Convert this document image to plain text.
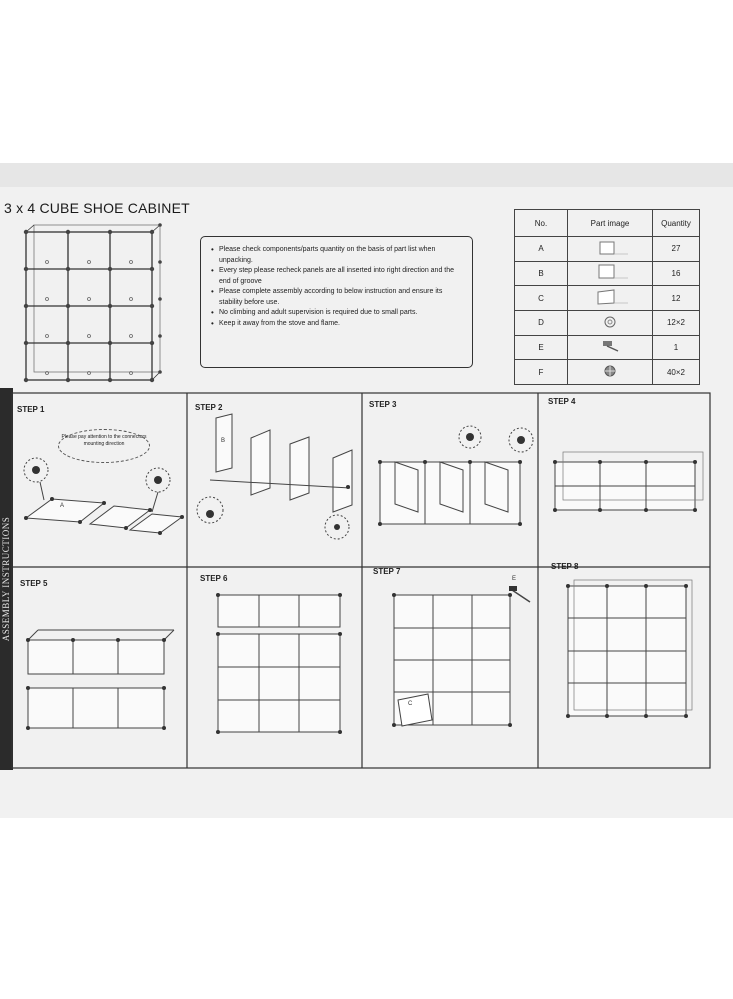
ASSEMBLY INSTRUCTIONS
3 x 4 CUBE SHOE CABINET
• Please check components/parts quantity on the basis of part list when unpacking.
• Every step please recheck panels are all inserted into right direction and the end of groove
• Please complete assembly according to below instruction and ensure its stability before use.
• No climbing and adult supervision is required due to small parts.
• Keep it away from the stove and flame.
No.	Part image	Quantity
A		27
B		16
C		12
D		12×2
E		1
F		40×2
STEP 1	STEP 2	STEP 3	STEP 4
STEP 5
STEP 6
STEP 7
STEP 8
Please pay attention to the connectors mounting direction
A
B
C
E
